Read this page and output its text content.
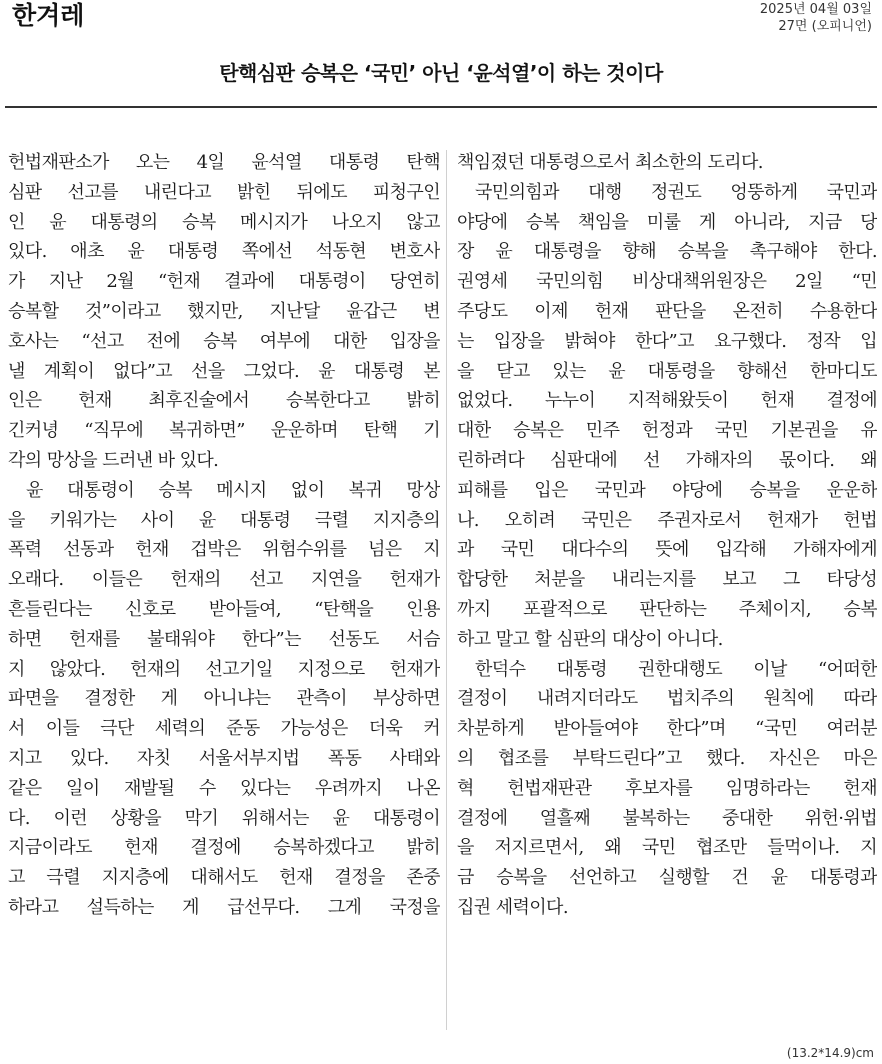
한겨레	2025년 04월 03일
27면 (오피니언)
탄핵심판 승복은 ‘국민’ 아닌 ‘윤석열’이 하는 것이다
헌법재판소가 오는 4일 윤석열 대통령 탄핵
심판 선고를 내린다고 밝힌 뒤에도 피청구인
인 윤 대통령의 승복 메시지가 나오지 않고
있다. 애초 윤 대통령 쪽에선 석동현 변호사
가 지난 2월 “헌재 결과에 대통령이 당연히
승복할 것”이라고 했지만, 지난달 윤갑근 변
호사는 “선고 전에 승복 여부에 대한 입장을
낼 계획이 없다”고 선을 그었다. 윤 대통령 본
인은 헌재 최후진술에서 승복한다고 밝히
긴커녕 “직무에 복귀하면” 운운하며 탄핵 기
각의 망상을 드러낸 바 있다.
윤 대통령이 승복 메시지 없이 복귀 망상
을 키워가는 사이 윤 대통령 극렬 지지층의
폭력 선동과 헌재 겁박은 위험수위를 넘은 지
오래다. 이들은 헌재의 선고 지연을 헌재가
흔들린다는 신호로 받아들여, “탄핵을 인용
하면 헌재를 불태워야 한다”는 선동도 서슴
지 않았다. 헌재의 선고기일 지정으로 헌재가
파면을 결정한 게 아니냐는 관측이 부상하면
서 이들 극단 세력의 준동 가능성은 더욱 커
지고 있다. 자칫 서울서부지법 폭동 사태와
같은 일이 재발될 수 있다는 우려까지 나온
다. 이런 상황을 막기 위해서는 윤 대통령이
지금이라도 헌재 결정에 승복하겠다고 밝히
고 극렬 지지층에 대해서도 헌재 결정을 존중
하라고 설득하는 게 급선무다. 그게 국정을
책임졌던 대통령으로서 최소한의 도리다.
국민의힘과 대행 정권도 엉뚱하게 국민과
야당에 승복 책임을 미룰 게 아니라, 지금 당
장 윤 대통령을 향해 승복을 촉구해야 한다.
권영세 국민의힘 비상대책위원장은 2일 “민
주당도 이제 헌재 판단을 온전히 수용한다
는 입장을 밝혀야 한다”고 요구했다. 정작 입
을 닫고 있는 윤 대통령을 향해선 한마디도
없었다. 누누이 지적해왔듯이 헌재 결정에
대한 승복은 민주 헌정과 국민 기본권을 유
린하려다 심판대에 선 가해자의 몫이다. 왜
피해를 입은 국민과 야당에 승복을 운운하
나. 오히려 국민은 주권자로서 헌재가 헌법
과 국민 대다수의 뜻에 입각해 가해자에게
합당한 처분을 내리는지를 보고 그 타당성
까지 포괄적으로 판단하는 주체이지, 승복
하고 말고 할 심판의 대상이 아니다.
한덕수 대통령 권한대행도 이날 “어떠한
결정이 내려지더라도 법치주의 원칙에 따라
차분하게 받아들여야 한다”며 “국민 여러분
의 협조를 부탁드린다”고 했다. 자신은 마은
혁 헌법재판관 후보자를 임명하라는 헌재
결정에 열흘째 불복하는 중대한 위헌·위법
을 저지르면서, 왜 국민 협조만 들먹이나. 지
금 승복을 선언하고 실행할 건 윤 대통령과
집권 세력이다.
(13.2*14.9)cm
